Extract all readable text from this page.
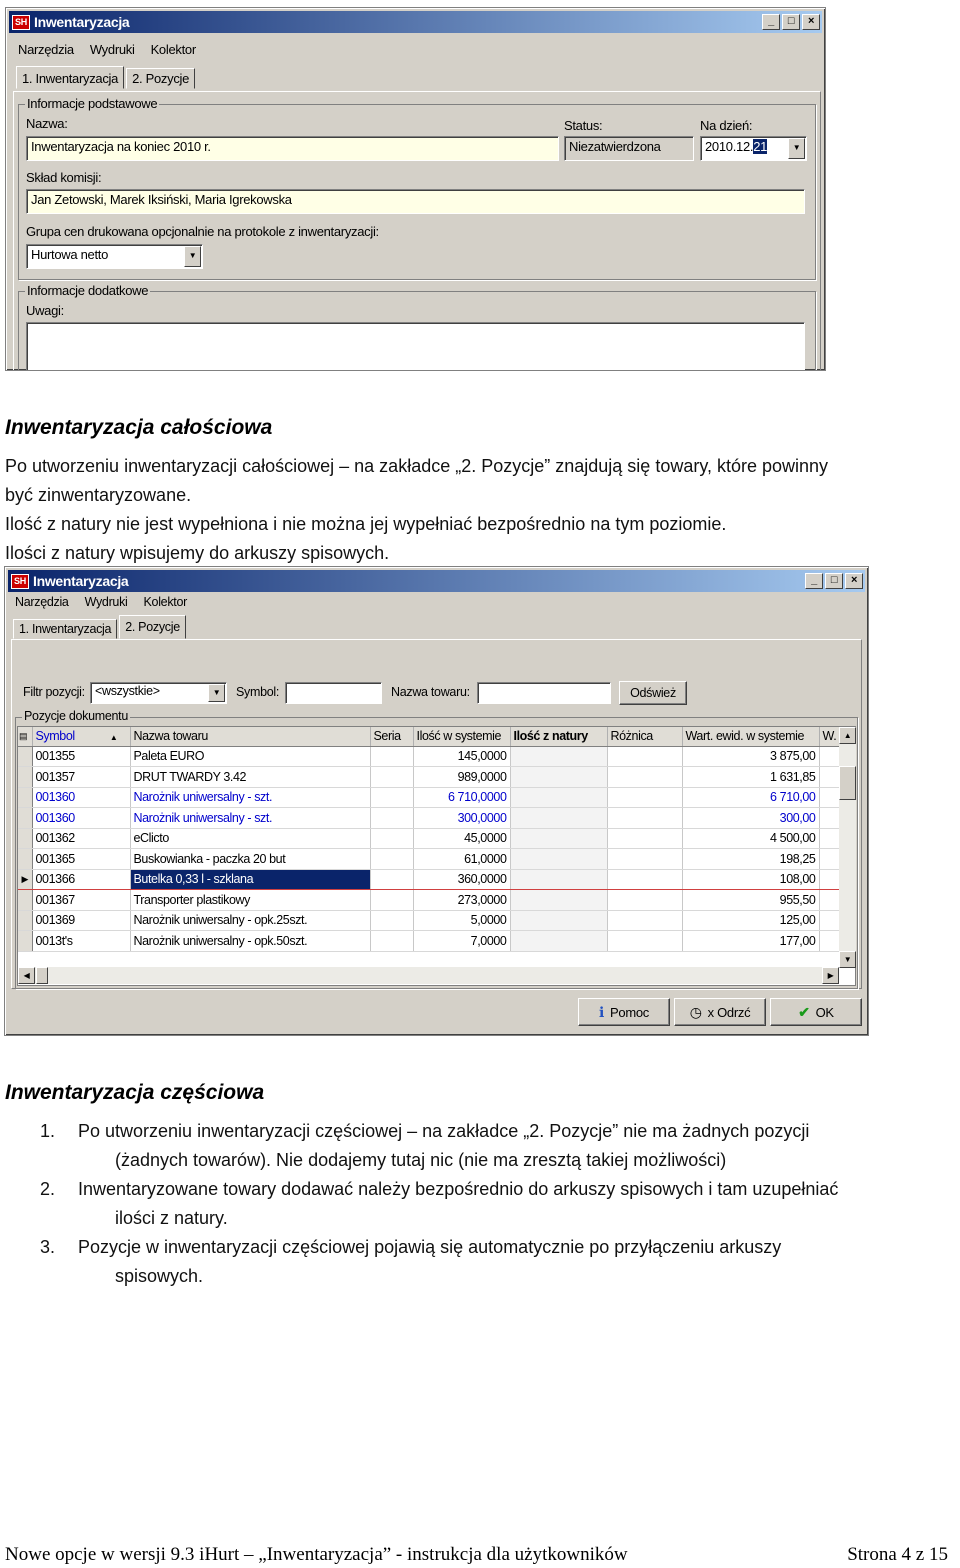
SH Inwentaryzacja	_	□	×
Narzędzia Wydruki Kolektor
1. Inwentaryzacja	2. Pozycje
Informacje podstawowe
Nazwa:
Inwentaryzacja na koniec 2010 r.
Status:
Niezatwierdzona
Na dzień:
2010.12.21	▼
Skład komisji:
Jan Zetowski, Marek Iksiński, Maria Igrekowska
Grupa cen drukowana opcjonalnie na protokole z inwentaryzacji:
Hurtowa netto	▼
Informacje dodatkowe
Uwagi:
Inwentaryzacja całościowa
Po utworzeniu inwentaryzacji całościowej – na zakładce „2. Pozycje” znajdują się towary, które powinny
być zinwentaryzowane.
Ilość z natury nie jest wypełniona i nie można jej wypełniać bezpośrednio na tym poziomie.
Ilości z natury wpisujemy do arkuszy spisowych.
SH Inwentaryzacja	_	□	×
Narzędzia Wydruki Kolektor
1. Inwentaryzacja	2. Pozycje
Filtr pozycji: <wszystkie>	▼	Symbol:	Nazwa towaru:	Odśwież
Pozycje dokumentu
▤	Symbol ▲	Nazwa towaru	Seria	Ilość w systemie	Ilość z natury	Różnica	Wart. ewid. w systemie	W.
	001355	Paleta EURO		145,0000			3 875,00	
	001357	DRUT TWARDY 3.42		989,0000			1 631,85	
	001360	Narożnik uniwersalny - szt.		6 710,0000			6 710,00	
	001360	Narożnik uniwersalny - szt.		300,0000			300,00	
	001362	eClicto		45,0000			4 500,00	
	001365	Buskowianka - paczka 20 but		61,0000			198,25	
▶	001366	Butelka 0,33 l - szklana		360,0000			108,00	
	001367	Transporter plastikowy		273,0000			955,50	
	001369	Narożnik uniwersalny - opk.25szt.		5,0000			125,00	
	0013t's	Narożnik uniwersalny - opk.50szt.		7,0000			177,00	
▲
▼
◀	▶
ℹ Pomoc	◷ x Odrzć	✔ OK
Inwentaryzacja częściowa
1. Po utworzeniu inwentaryzacji częściowej – na zakładce „2. Pozycje” nie ma żadnych pozycji
(żadnych towarów). Nie dodajemy tutaj nic (nie ma zresztą takiej możliwości)
2. Inwentaryzowane towary dodawać należy bezpośrednio do arkuszy spisowych i tam uzupełniać
ilości z natury.
3. Pozycje w inwentaryzacji częściowej pojawią się automatycznie po przyłączeniu arkuszy
spisowych.
Nowe opcje w wersji 9.3 iHurt – „Inwentaryzacja” - instrukcja dla użytkowników	Strona 4 z 15
